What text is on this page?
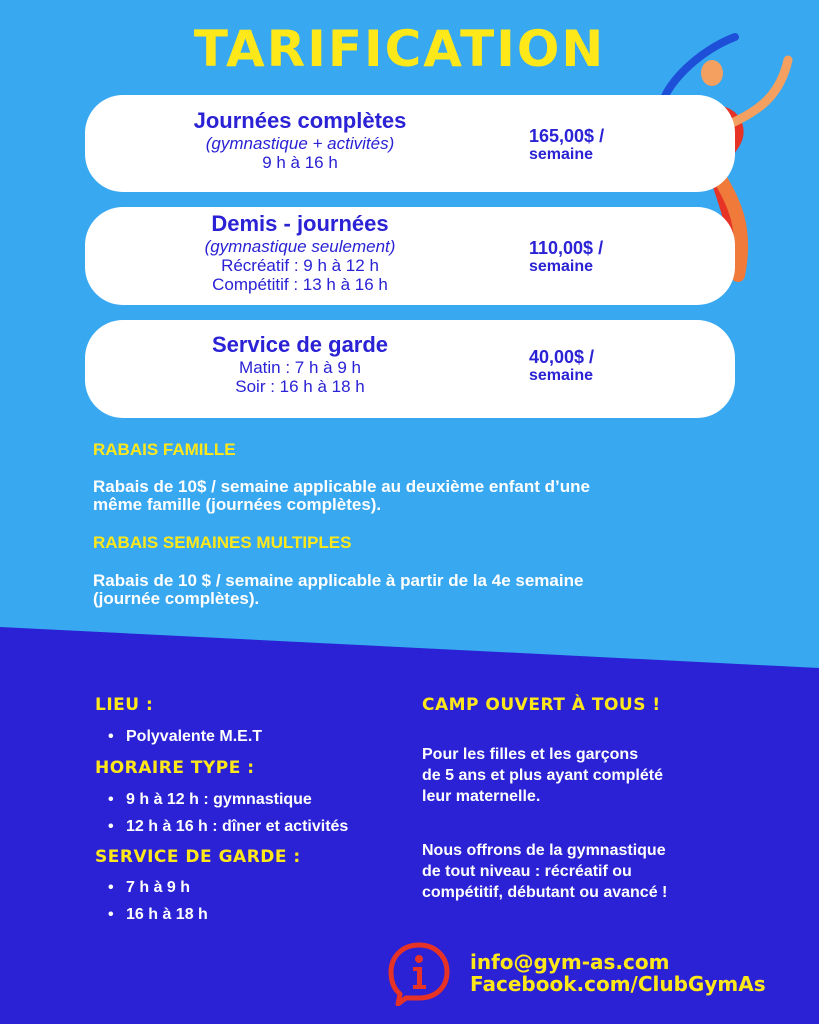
TARIFICATION
Journées complètes
(gymnastique + activités)
9 h à 16 h
165,00$ /
semaine
Demis - journées
(gymnastique seulement)
Récréatif : 9 h à 12 h
Compétitif : 13 h à 16 h
110,00$ /
semaine
Service de garde
Matin : 7 h à 9 h
Soir : 16 h à 18 h
40,00$ /
semaine
RABAIS FAMILLE
Rabais de 10$ / semaine applicable au deuxième enfant d’une
même famille (journées complètes).
RABAIS SEMAINES MULTIPLES
Rabais de 10 $ / semaine applicable à partir de la 4e semaine
(journée complètes).
LIEU :
• Polyvalente M.E.T
HORAIRE TYPE :
• 9 h à 12 h : gymnastique
• 12 h à 16 h : dîner et activités
SERVICE DE GARDE :
• 7 h à 9 h
• 16 h à 18 h
CAMP OUVERT À TOUS !
Pour les filles et les garçons
de 5 ans et plus ayant complété
leur maternelle.
Nous offrons de la gymnastique
de tout niveau : récréatif ou
compétitif, débutant ou avancé !
info@gym-as.com
Facebook.com/ClubGymAs
